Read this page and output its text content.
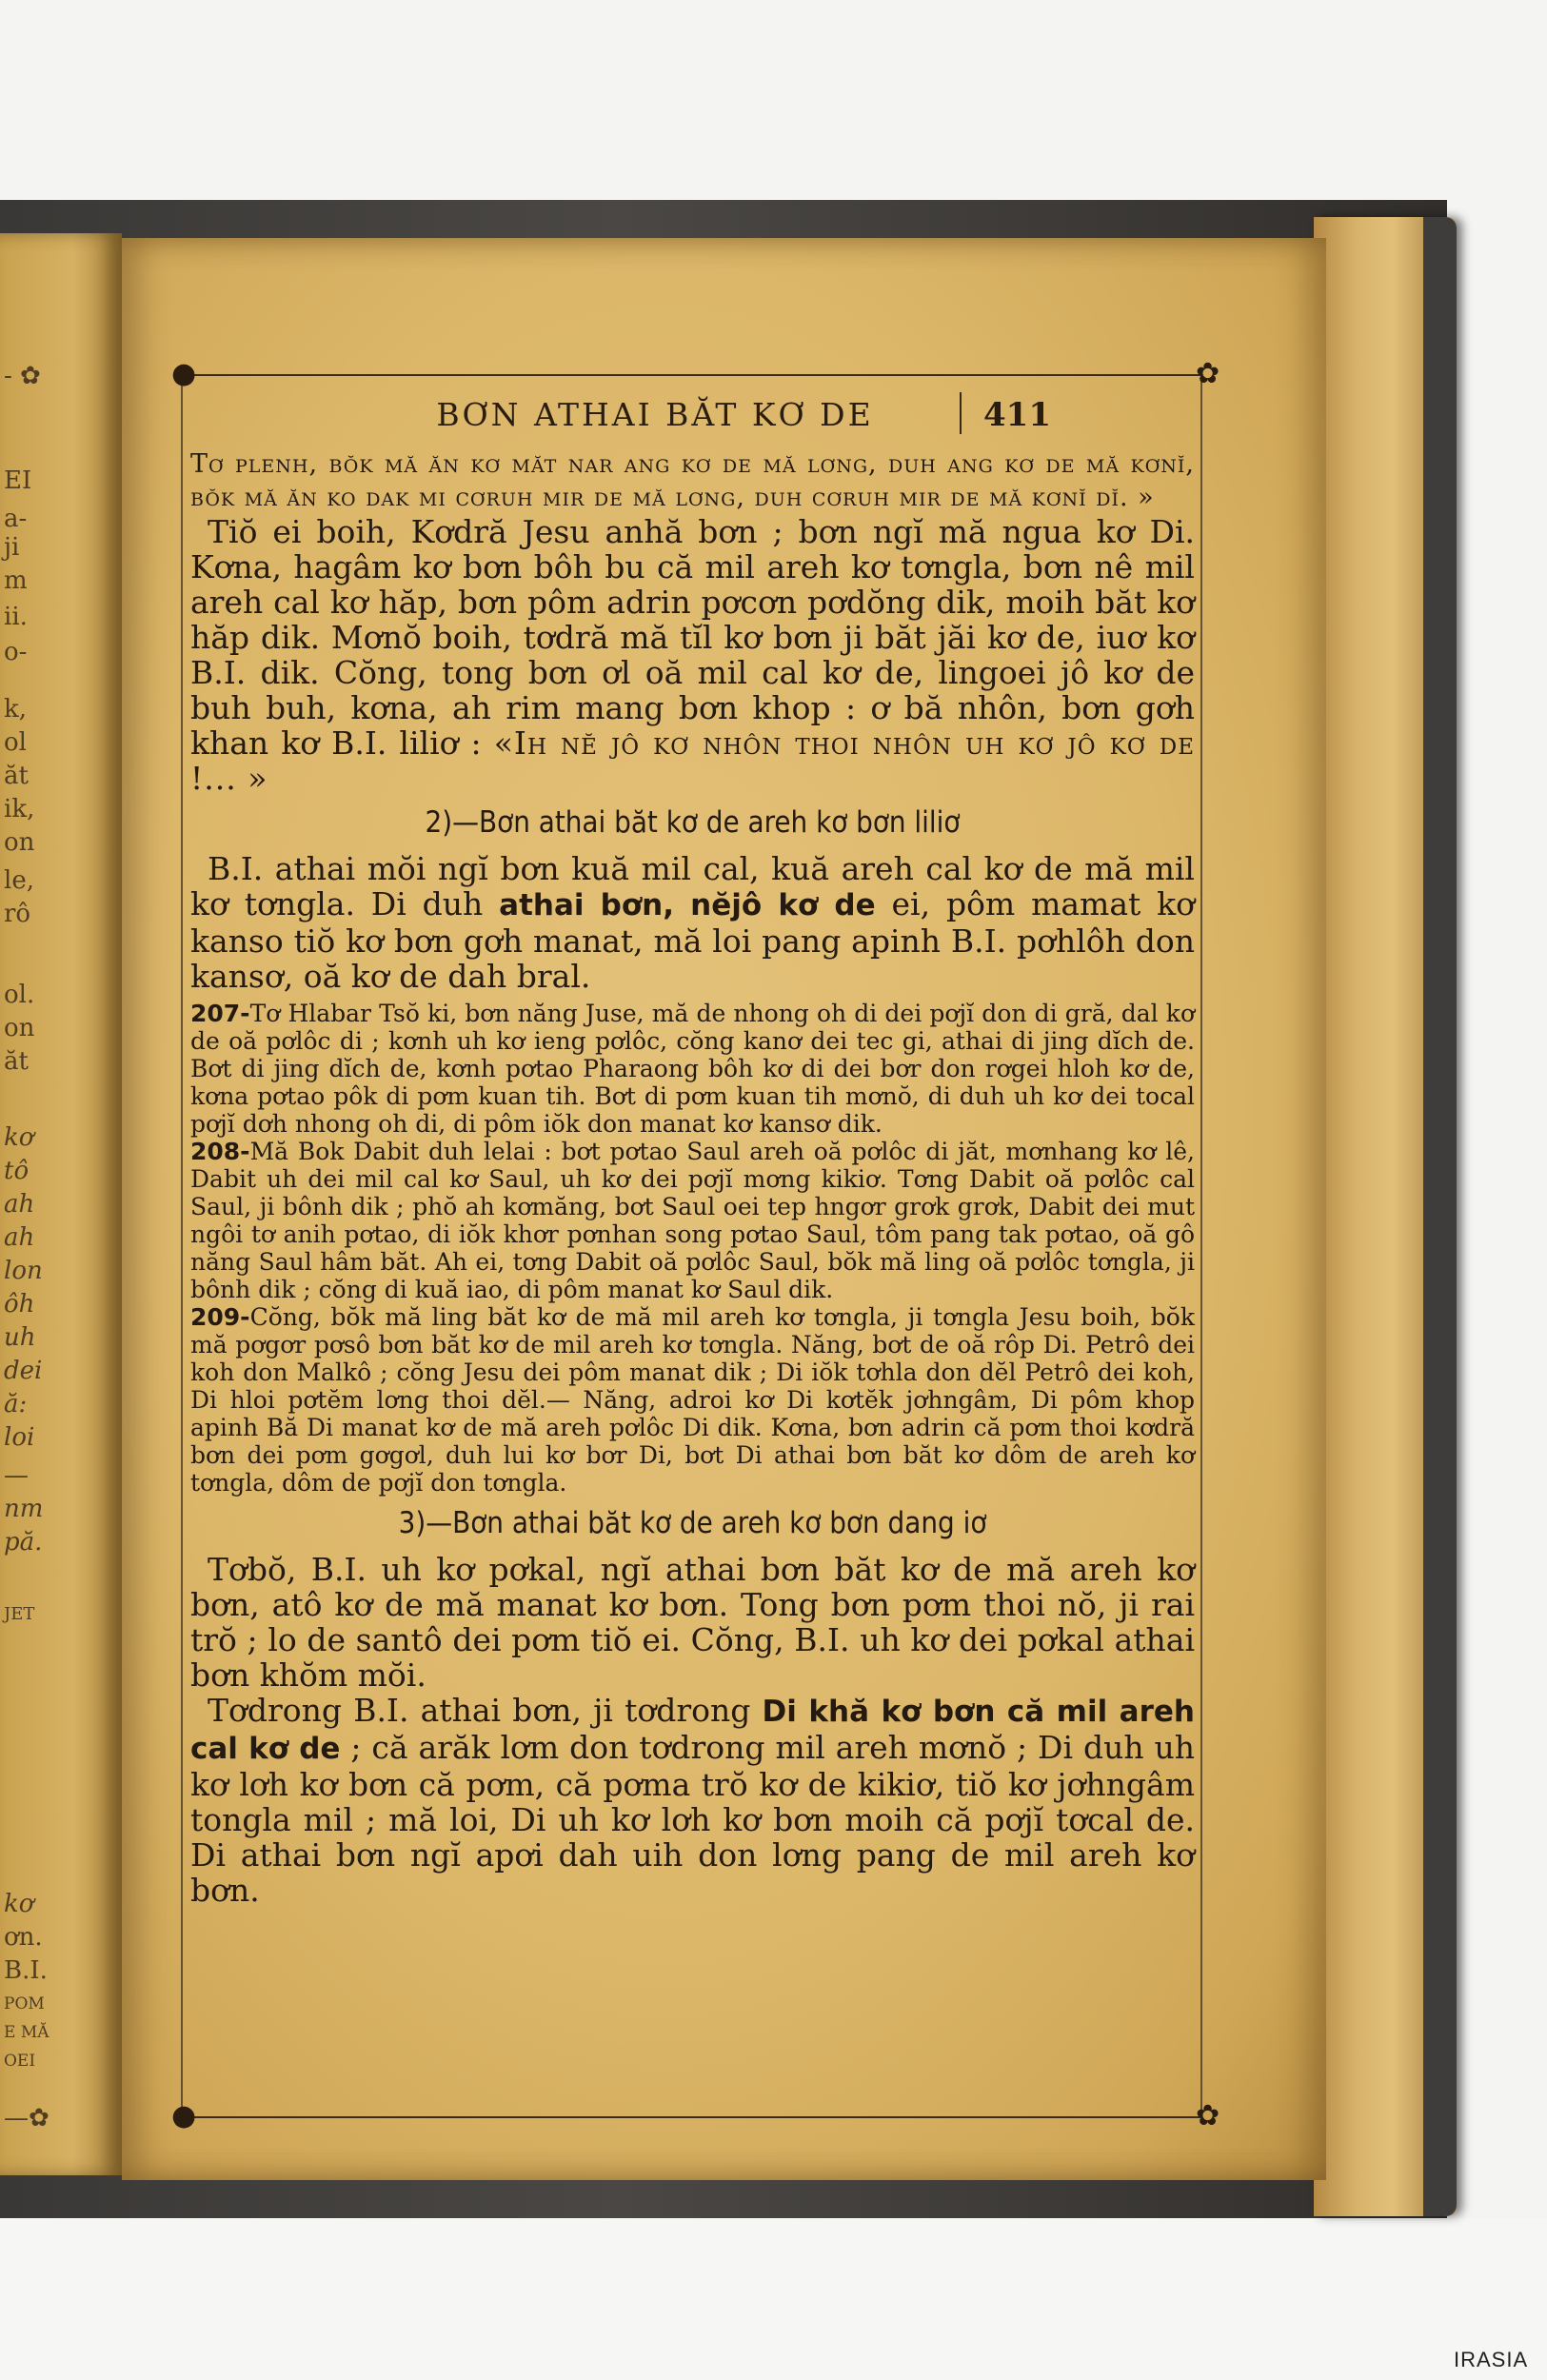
- ✿
EI
a-
ji
m
ii.
o-
k,
ol
ăt
ik,
on
le,
rô
ol.
on
ăt
kơ
tô
ah
ah
lon
ôh
uh
dei
ă:
loi
—
nm
pă.
JET
kơ
ơn.
B.I.
POM
E MĂ
OEI
—✿
●	✿
●	✿
BƠN ATHAI BĂT KƠ DE	411

Tơ plenh, bŏk mă ăn kơ măt nar ang kơ de mă lơng, duh ang kơ de mă kơnĭ, bŏk mă ăn ko dak mi cơruh mir de mă lơng, duh cơruh mir de mă kơnĭ dĭ. »

Tiŏ ei boih, Kơdră Jesu anhă bơn ; bơn ngĭ mă ngua kơ Di. Kơna, hagâm kơ bơn bôh bu că mil areh kơ tơngla, bơn nê mil areh cal kơ hăp, bơn pôm adrin pơcơn pơdŏng dik, moih băt kơ hăp dik. Mơnŏ boih, tơdră mă tĭl kơ bơn ji băt jăi kơ de, iuơ kơ B.I. dik. Cŏng, tong bơn ơl oă mil cal kơ de, lingoei jô kơ de buh buh, kơna, ah rim mang bơn khop : ơ bă nhôn, bơn gơh khan kơ B.I. liliơ : «Ih nĕ jô kơ nhôn thoi nhôn uh kơ jô kơ de !... »

2)—Bơn athai băt kơ de areh kơ bơn liliơ

B.I. athai mŏi ngĭ bơn kuă mil cal, kuă areh cal kơ de mă mil kơ tơngla. Di duh athai bơn, nĕjô kơ de ei, pôm mamat kơ kanso tiŏ kơ bơn gơh manat, mă loi pang apinh B.I. pơhlôh don kansơ, oă kơ de dah bral.

207-Tơ Hlabar Tsŏ ki, bơn năng Juse, mă de nhong oh di dei pơjĭ don di gră, dal kơ de oă pơlôc di ; kơnh uh kơ ieng pơlôc, cŏng kanơ dei tec gi, athai di jing dĭch de. Bơt di jing dĭch de, kơnh pơtao Pharaong bôh kơ di dei bơr don rơgei hloh kơ de, kơna pơtao pôk di pơm kuan tih. Bơt di pơm kuan tih mơnŏ, di duh uh kơ dei tocal pơjĭ dơh nhong oh di, di pôm iŏk don manat kơ kansơ dik.

208-Mă Bok Dabit duh lelai : bơt pơtao Saul areh oă pơlôc di jăt, mơnhang kơ lê, Dabit uh dei mil cal kơ Saul, uh kơ dei pơjĭ mơng kikiơ. Tơng Dabit oă pơlôc cal Saul, ji bônh dik ; phŏ ah kơmăng, bơt Saul oei tep hngơr grơk grơk, Dabit dei mut ngôi tơ anih pơtao, di iŏk khơr pơnhan song pơtao Saul, tôm pang tak pơtao, oă gô năng Saul hâm băt. Ah ei, tơng Dabit oă pơlôc Saul, bŏk mă ling oă pơlôc tơngla, ji bônh dik ; cŏng di kuă iao, di pôm manat kơ Saul dik.

209-Cŏng, bŏk mă ling băt kơ de mă mil areh kơ tơngla, ji tơngla Jesu boih, bŏk mă pơgơr pơsô bơn băt kơ de mil areh kơ tơngla. Năng, bơt de oă rôp Di. Petrô dei koh don Malkô ; cŏng Jesu dei pôm manat dik ; Di iŏk tơhla don dĕl Petrô dei koh, Di hloi pơtĕm lơng thoi dĕl.— Năng, adroi kơ Di kơtĕk jơhngâm, Di pôm khop apinh Bă Di manat kơ de mă areh pơlôc Di dik. Kơna, bơn adrin că pơm thoi kơdră bơn dei pơm gơgơl, duh lui kơ bơr Di, bơt Di athai bơn băt kơ dôm de areh kơ tơngla, dôm de pơjĭ don tơngla.

3)—Bơn athai băt kơ de areh kơ bơn dang iơ

Tơbŏ, B.I. uh kơ pơkal, ngĭ athai bơn băt kơ de mă areh kơ bơn, atô kơ de mă manat kơ bơn. Tong bơn pơm thoi nŏ, ji rai trŏ ; lo de santô dei pơm tiŏ ei. Cŏng, B.I. uh kơ dei pơkal athai bơn khŏm mŏi.

Tơdrong B.I. athai bơn, ji tơdrong Di khă kơ bơn că mil areh cal kơ de ; că arăk lơm don tơdrong mil areh mơnŏ ; Di duh uh kơ lơh kơ bơn că pơm, că pơma trŏ kơ de kikiơ, tiŏ kơ jơhngâm tongla mil ; mă loi, Di uh kơ lơh kơ bơn moih că pơjĭ tơcal de. Di athai bơn ngĭ apơi dah uih don lơng pang de mil areh kơ bơn.

IRASIA
